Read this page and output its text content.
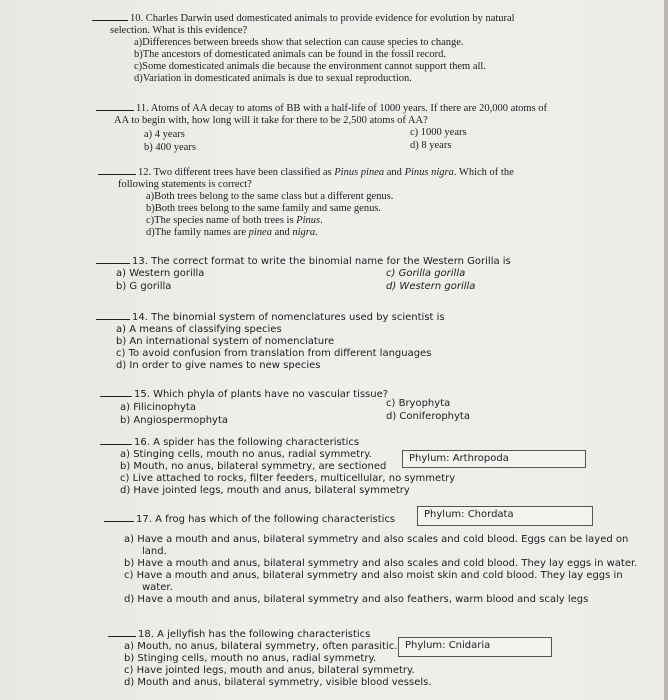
10. Charles Darwin used domesticated animals to provide evidence for evolution by natural
selection. What is this evidence?
a)Differences between breeds show that selection can cause species to change.
b)The ancestors of domesticated animals can be found in the fossil record.
c)Some domesticated animals die because the environment cannot support them all.
d)Variation in domesticated animals is due to sexual reproduction.
11. Atoms of AA decay to atoms of BB with a half-life of 1000 years. If there are 20,000 atoms of
AA to begin with, how long will it take for there to be 2,500 atoms of AA?
a) 4 years
b) 400 years
c) 1000 years
d) 8 years
12. Two different trees have been classified as Pinus pinea and Pinus nigra. Which of the
following statements is correct?
a)Both trees belong to the same class but a different genus.
b)Both trees belong to the same family and same genus.
c)The species name of both trees is Pinus.
d)The family names are pinea and nigra.
13. The correct format to write the binomial name for the Western Gorilla is
a) Western gorilla
b) G gorilla
c) Gorilla gorilla
d) Western gorilla
14. The binomial system of nomenclatures used by scientist is
a) A means of classifying species
b) An international system of nomenclature
c) To avoid confusion from translation from different languages
d) In order to give names to new species
15. Which phyla of plants have no vascular tissue?
a) Filicinophyta
b) Angiospermophyta
c) Bryophyta
d) Coniferophyta
16. A spider has the following characteristics
a) Stinging cells, mouth no anus, radial symmetry.
b) Mouth, no anus, bilateral symmetry, are sectioned
c) Live attached to rocks, filter feeders, multicellular, no symmetry
d) Have jointed legs, mouth and anus, bilateral symmetry
Phylum: Arthropoda
17. A frog has which of the following characteristics	Phylum: Chordata
a) Have a mouth and anus, bilateral symmetry and also scales and cold blood. Eggs can be layed on
land.
b) Have a mouth and anus, bilateral symmetry and also scales and cold blood. They lay eggs in water.
c) Have a mouth and anus, bilateral symmetry and also moist skin and cold blood. They lay eggs in
water.
d) Have a mouth and anus, bilateral symmetry and also feathers, warm blood and scaly legs
18. A jellyfish has the following characteristics
a) Mouth, no anus, bilateral symmetry, often parasitic.
b) Stinging cells, mouth no anus, radial symmetry.
c) Have jointed legs, mouth and anus, bilateral symmetry.
d) Mouth and anus, bilateral symmetry, visible blood vessels.
Phylum: Cnidaria
